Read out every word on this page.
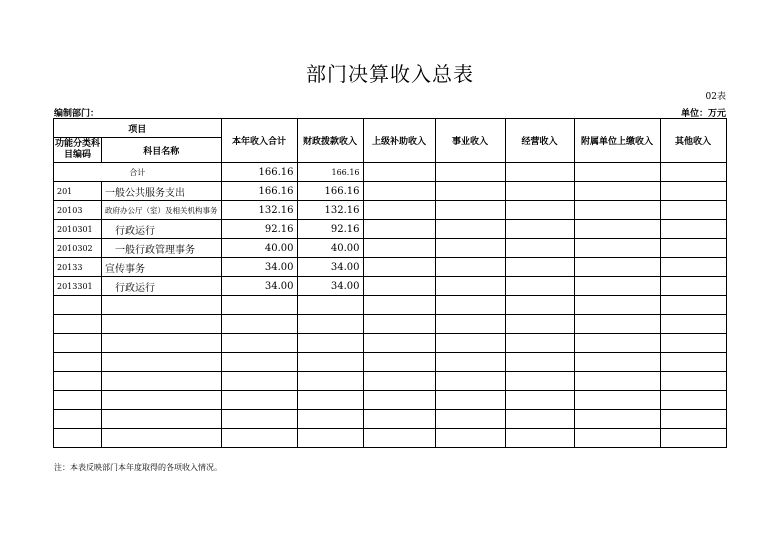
部门决算收入总表
02表
编制部门：	单位：万元
项目		本年收入合计	财政拨款收入	上级补助收入	事业收入	经营收入	附属单位上缴收入	其他收入
功能分类科目编码	科目名称							
合计		166.16	166.16					
201	一般公共服务支出	166.16	166.16					
20103	政府办公厅（室）及相关机构事务	132.16	132.16					
2010301	行政运行	92.16	92.16					
2010302	一般行政管理事务	40.00	40.00					
20133	宣传事务	34.00	34.00					
2013301	行政运行	34.00	34.00					

注：本表反映部门本年度取得的各项收入情况。
